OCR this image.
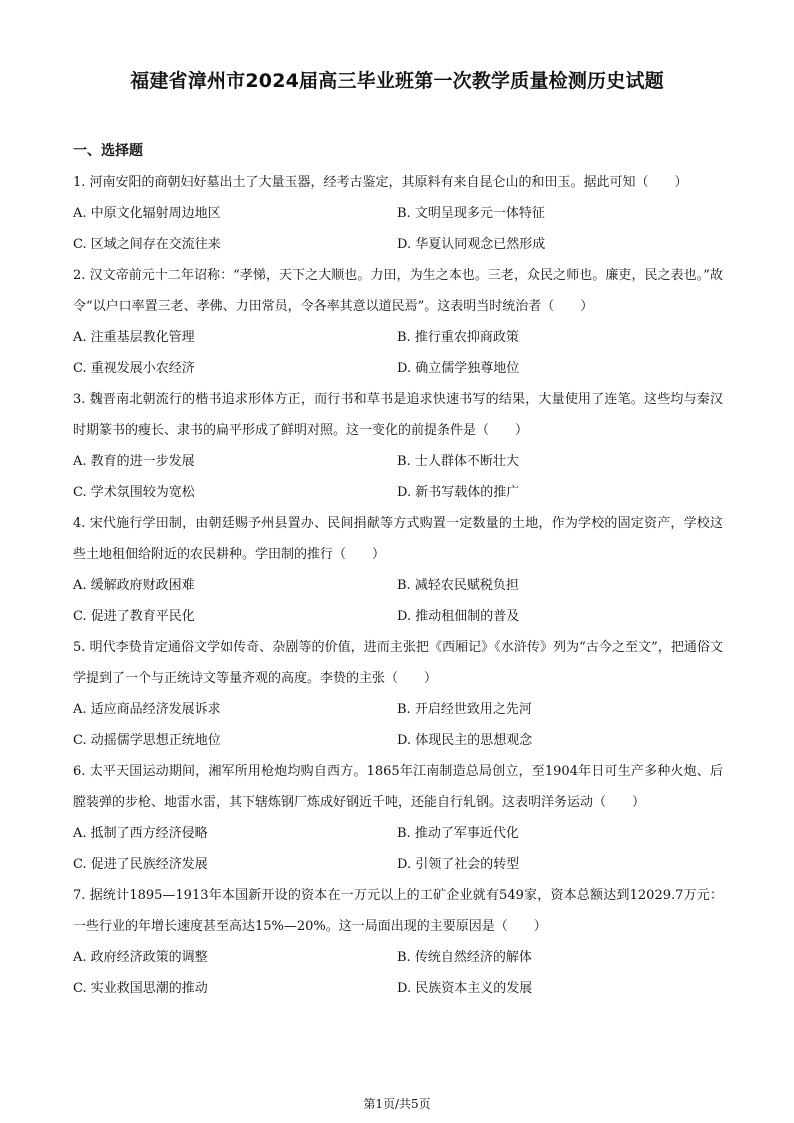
福建省漳州市2024届高三毕业班第一次教学质量检测历史试题
一、选择题

1. 河南安阳的商朝妇好墓出土了大量玉器，经考古鉴定，其原料有来自昆仑山的和田玉。据此可知（　　）

A. 中原文化辐射周边地区	B. 文明呈现多元一体特征
C. 区域之间存在交流往来	D. 华夏认同观念已然形成

2. 汉文帝前元十二年诏称：“孝悌，天下之大顺也。力田，为生之本也。三老，众民之师也。廉吏，民之表也。”故令“以户口率置三老、孝佛、力田常员，令各率其意以道民焉”。这表明当时统治者（　　）

A. 注重基层教化管理	B. 推行重农抑商政策
C. 重视发展小农经济	D. 确立儒学独尊地位

3. 魏晋南北朝流行的楷书追求形体方正，而行书和草书是追求快速书写的结果，大量使用了连笔。这些均与秦汉时期篆书的瘦长、隶书的扁平形成了鲜明对照。这一变化的前提条件是（　　）

A. 教育的进一步发展	B. 士人群体不断壮大
C. 学术氛围较为宽松	D. 新书写载体的推广

4. 宋代施行学田制，由朝廷赐予州县置办、民间捐献等方式购置一定数量的土地，作为学校的固定资产，学校这些土地租佃给附近的农民耕种。学田制的推行（　　）

A. 缓解政府财政困难	B. 减轻农民赋税负担
C. 促进了教育平民化	D. 推动租佃制的普及

5. 明代李贽肯定通俗文学如传奇、杂剧等的价值，进而主张把《西厢记》《水浒传》列为“古今之至文”，把通俗文学提到了一个与正统诗文等量齐观的高度。李贽的主张（　　）

A. 适应商品经济发展诉求	B. 开启经世致用之先河
C. 动摇儒学思想正统地位	D. 体现民主的思想观念

6. 太平天国运动期间，湘军所用枪炮均购自西方。1865年江南制造总局创立，至1904年日可生产多种火炮、后膛装弹的步枪、地雷水雷，其下辖炼钢厂炼成好钢近千吨，还能自行轧钢。这表明洋务运动（　　）

A. 抵制了西方经济侵略	B. 推动了军事近代化
C. 促进了民族经济发展	D. 引领了社会的转型

7. 据统计1895—1913年本国新开设的资本在一万元以上的工矿企业就有549家，资本总额达到12029.7万元：一些行业的年增长速度甚至高达15%—20%。这一局面出现的主要原因是（　　）

A. 政府经济政策的调整	B. 传统自然经济的解体
C. 实业救国思潮的推动	D. 民族资本主义的发展

第1页/共5页
